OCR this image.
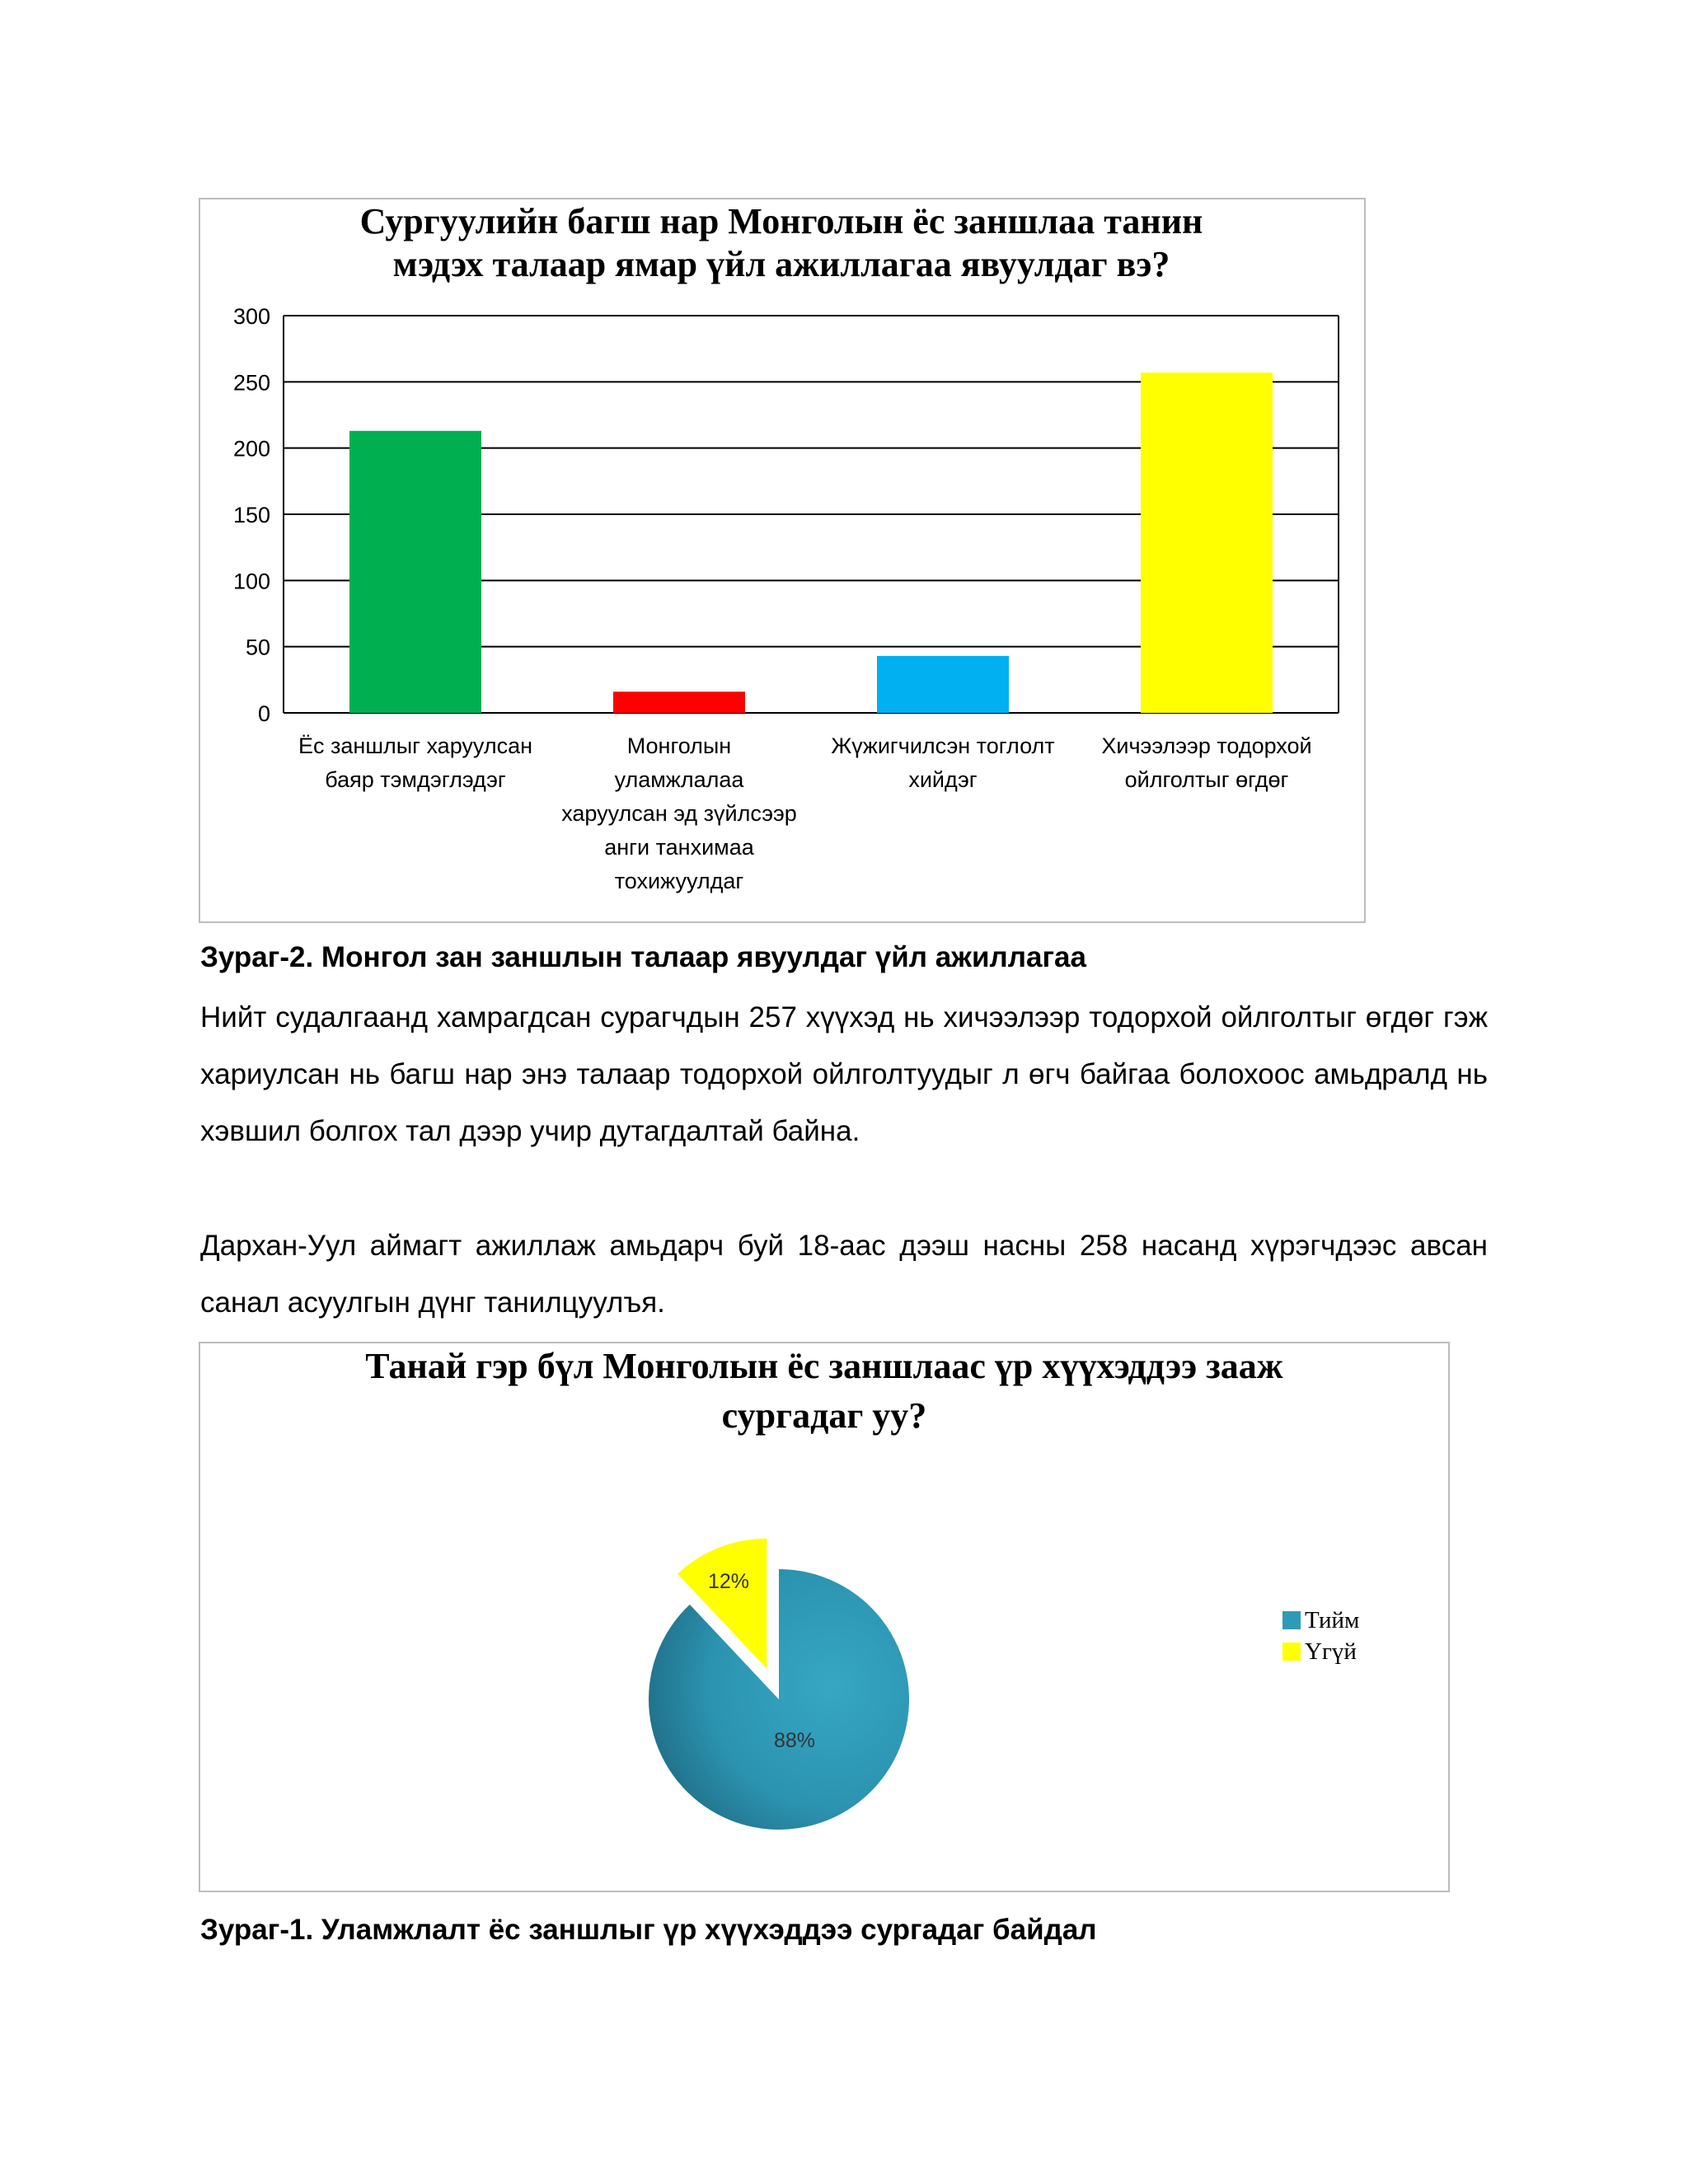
Сургуулийн багш нар Монголын ёс заншлаа танин
мэдэх талаар ямар үйл ажиллагаа явуулдаг вэ?
0
50
100
150
200
250
300
Ёс заншлыг харуулсан
баяр тэмдэглэдэг
Монголын
уламжлалаа
харуулсан эд зүйлсээр
анги танхимаа
тохижуулдаг
Жүжигчилсэн тоглолт
хийдэг
Хичээлээр тодорхой
ойлголтыг өгдөг
Зураг-2. Монгол зан заншлын талаар явуулдаг үйл ажиллагаа
Нийт судалгаанд хамрагдсан сурагчдын 257 хүүхэд нь хичээлээр тодорхой ойлголтыг өгдөг гэж хариулсан нь багш нар энэ талаар тодорхой ойлголтуудыг л өгч байгаа болохоос амьдралд нь хэвшил болгох тал дээр учир дутагдалтай байна.
Дархан-Уул аймагт ажиллаж амьдарч буй 18-аас дээш насны 258 насанд хүрэгчдээс авсан санал асуулгын дүнг танилцуулъя.
Танай гэр бүл Монголын ёс заншлаас үр хүүхэддээ зааж
сургадаг уу?
88%
12%
Тийм
Үгүй
Зураг-1. Уламжлалт ёс заншлыг үр хүүхэддээ сургадаг байдал
